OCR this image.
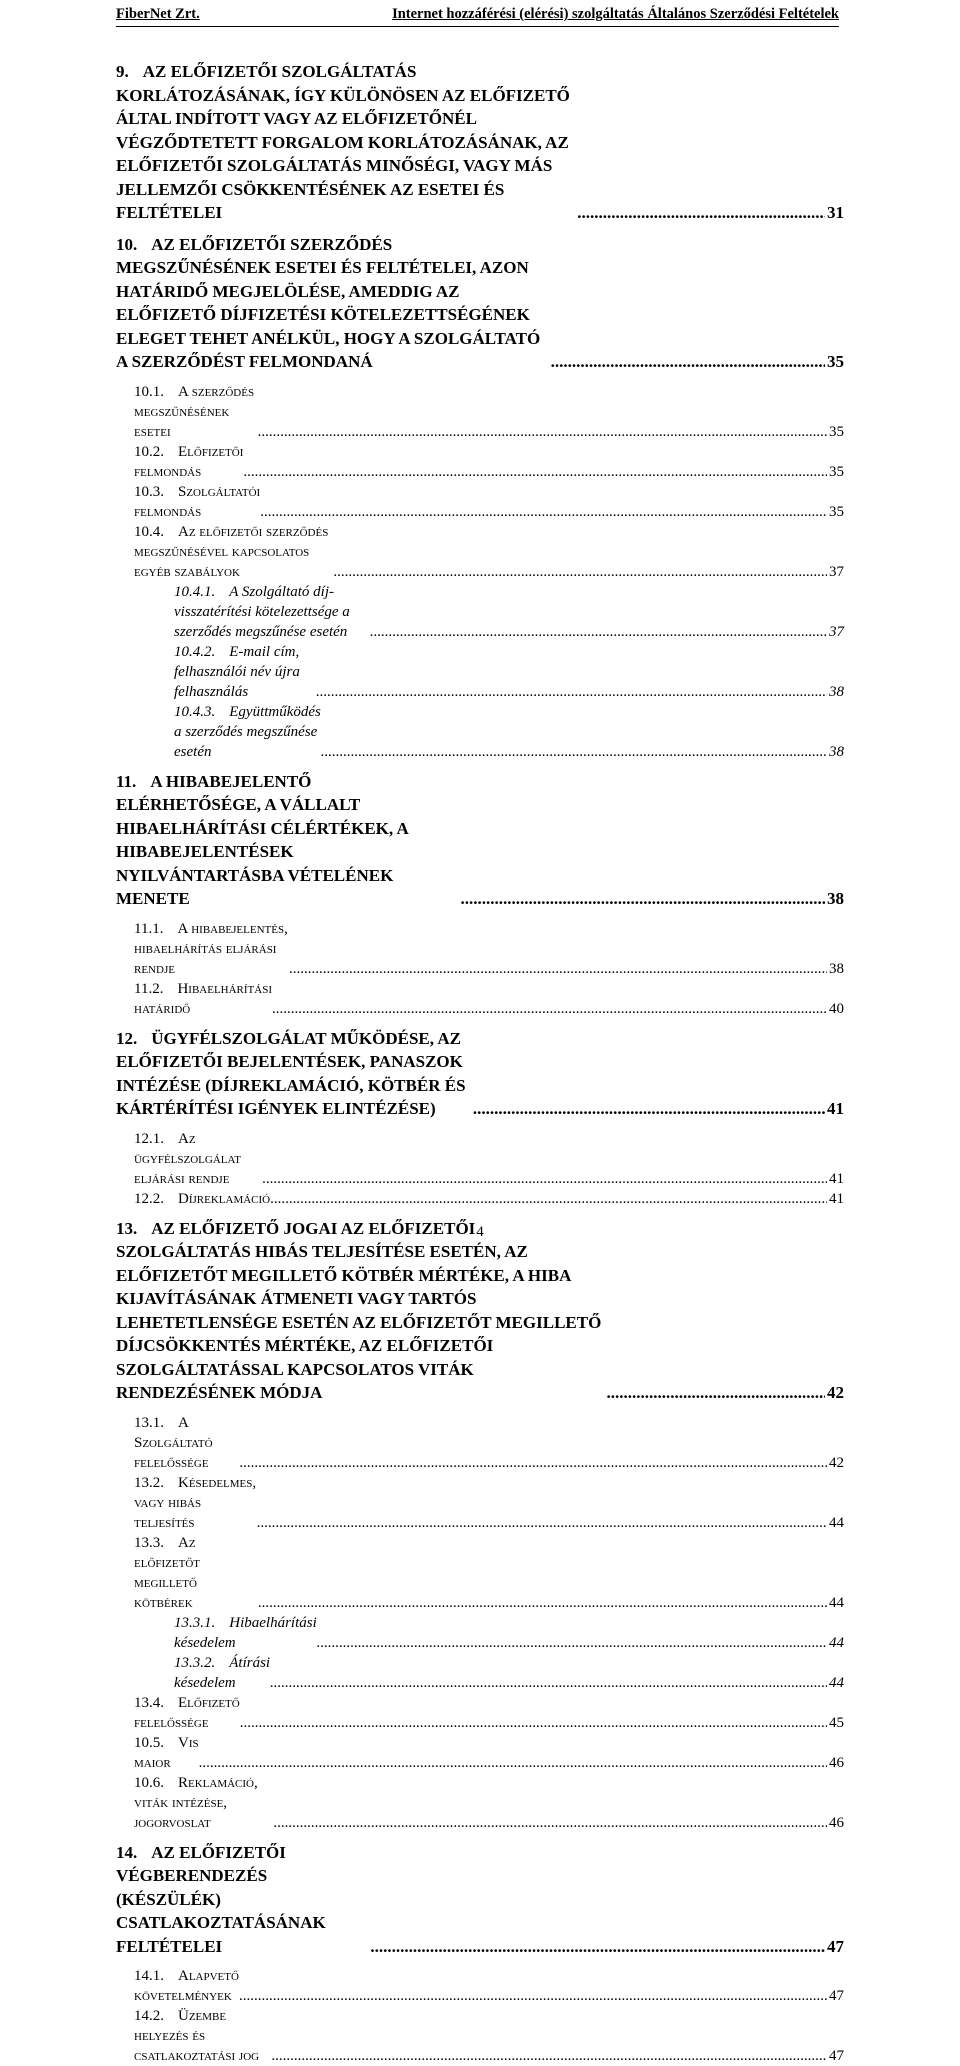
FiberNet Zrt.	Internet hozzáférési (elérési) szolgáltatás Általános Szerződési Feltételek
9. AZ ELŐFIZETŐI SZOLGÁLTATÁS KORLÁTOZÁSÁNAK, ÍGY KÜLÖNÖSEN AZ ELŐFIZETŐ ÁLTAL INDÍTOTT VAGY AZ ELŐFIZETŐNÉL VÉGZŐDTETETT FORGALOM KORLÁTOZÁSÁNAK, AZ ELŐFIZETŐI SZOLGÁLTATÁS MINŐSÉGI, VAGY MÁS JELLEMZŐI CSÖKKENTÉSÉNEK AZ ESETEI ÉS FELTÉTELEI .....	31
10. AZ ELŐFIZETŐI SZERZŐDÉS MEGSZŰNÉSÉNEK ESETEI ÉS FELTÉTELEI, AZON HATÁRIDŐ MEGJELÖLÉSE, AMEDDIG AZ ELŐFIZETŐ DÍJFIZETÉSI KÖTELEZETTSÉGÉNEK ELEGET TEHET ANÉLKÜL, HOGY A SZOLGÁLTATÓ A SZERZŐDÉST FELMONDANÁ .....	35
10.1. A szerződés megszűnésének esetei .....	35
10.2. Előfizetői felmondás .....	35
10.3. Szolgáltatói felmondás .....	35
10.4. Az előfizetői szerződés megszűnésével kapcsolatos egyéb szabályok .....	37
10.4.1. A Szolgáltató díj-visszatérítési kötelezettsége a szerződés megszűnése esetén .....	37
10.4.2. E-mail cím, felhasználói név újra felhasználás .....	38
10.4.3. Együttműködés a szerződés megszűnése esetén .....	38
11. A HIBABEJELENTŐ ELÉRHETŐSÉGE, A VÁLLALT HIBAELHÁRÍTÁSI CÉLÉRTÉKEK, A HIBABEJELENTÉSEK NYILVÁNTARTÁSBA VÉTELÉNEK MENETE .....	38
11.1. A hibabejelentés, hibaelhárítás eljárási rendje .....	38
11.2. Hibaelhárítási határidő .....	40
12. ÜGYFÉLSZOLGÁLAT MŰKÖDÉSE, AZ ELŐFIZETŐI BEJELENTÉSEK, PANASZOK INTÉZÉSE (DÍJREKLAMÁCIÓ, KÖTBÉR ÉS KÁRTÉRÍTÉSI IGÉNYEK ELINTÉZÉSE) .....	41
12.1. Az ügyfélszolgálat eljárási rendje .....	41
12.2. Díjreklamáció .....	41
13. AZ ELŐFIZETŐ JOGAI AZ ELŐFIZETŐI SZOLGÁLTATÁS HIBÁS TELJESÍTÉSE ESETÉN, AZ ELŐFIZETŐT MEGILLETŐ KÖTBÉR MÉRTÉKE, A HIBA KIJAVÍTÁSÁNAK ÁTMENETI VAGY TARTÓS LEHETETLENSÉGE ESETÉN AZ ELŐFIZETŐT MEGILLETŐ DÍJCSÖKKENTÉS MÉRTÉKE, AZ ELŐFIZETŐI SZOLGÁLTATÁSSAL KAPCSOLATOS VITÁK RENDEZÉSÉNEK MÓDJA .....	42
13.1. A Szolgáltató felelőssége .....	42
13.2. Késedelmes, vagy hibás teljesítés .....	44
13.3. Az előfizetőt megillető kötbérek .....	44
13.3.1. Hibaelhárítási késedelem .....	44
13.3.2. Átírási késedelem .....	44
13.4. Előfizető felelőssége .....	45
10.5. Vis maior .....	46
10.6. Reklamáció, viták intézése, jogorvoslat .....	46
14. AZ ELŐFIZETŐI VÉGBERENDEZÉS (KÉSZÜLÉK) CSATLAKOZTATÁSÁNAK FELTÉTELEI .....	47
14.1. Alapvető követelmények .....	47
14.2. Üzembe helyezés és csatlakoztatási jog .....	47
4
